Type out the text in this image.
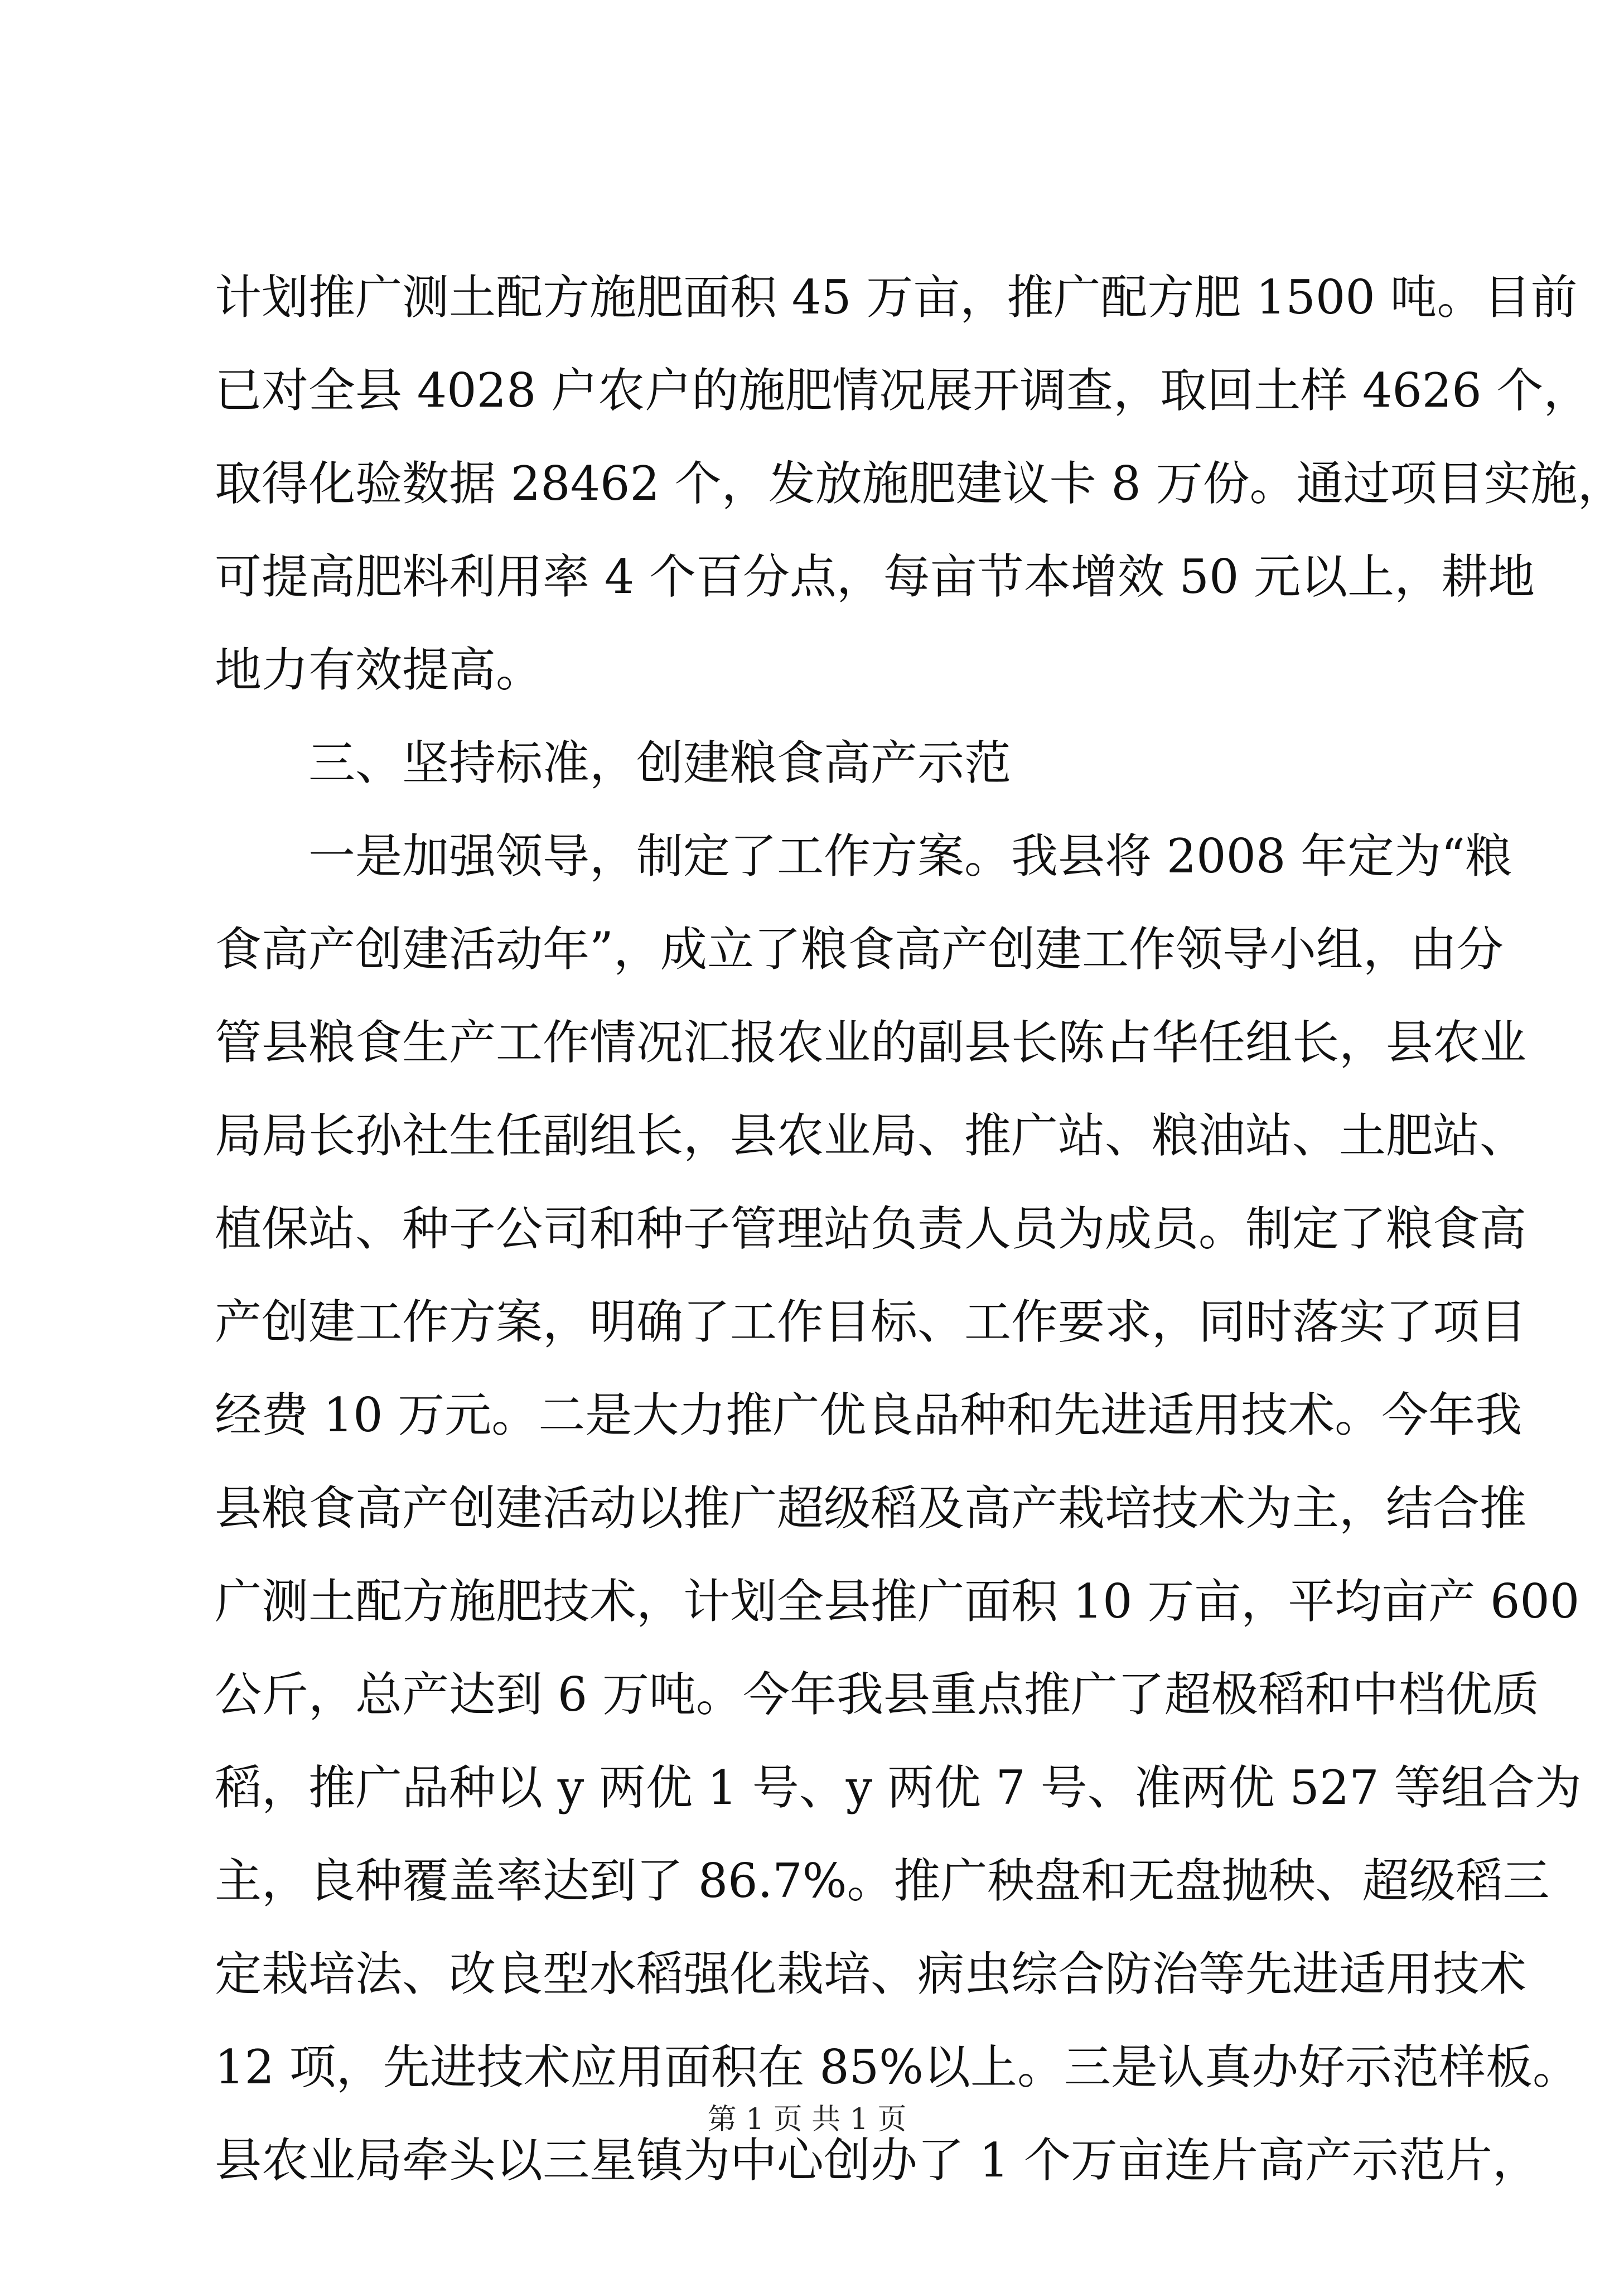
计划推广测土配方施肥面积 45 万亩，推广配方肥 1500 吨。目前
已对全县 4028 户农户的施肥情况展开调查，取回土样 4626 个，
取得化验数据 28462 个，发放施肥建议卡 8 万份。通过项目实施，
可提高肥料利用率 4 个百分点，每亩节本增效 50 元以上，耕地
地力有效提高。
三、坚持标准，创建粮食高产示范
一是加强领导，制定了工作方案。我县将 2008 年定为“粮
食高产创建活动年”，成立了粮食高产创建工作领导小组，由分
管县粮食生产工作情况汇报农业的副县长陈占华任组长，县农业
局局长孙社生任副组长，县农业局、推广站、粮油站、土肥站、
植保站、种子公司和种子管理站负责人员为成员。制定了粮食高
产创建工作方案，明确了工作目标、工作要求，同时落实了项目
经费 10 万元。二是大力推广优良品种和先进适用技术。今年我
县粮食高产创建活动以推广超级稻及高产栽培技术为主，结合推
广测土配方施肥技术，计划全县推广面积 10 万亩，平均亩产 600
公斤，总产达到 6 万吨。今年我县重点推广了超极稻和中档优质
稻，推广品种以 y 两优 1 号、y 两优 7 号、准两优 527 等组合为
主，良种覆盖率达到了 86.7%。推广秧盘和无盘抛秧、超级稻三
定栽培法、改良型水稻强化栽培、病虫综合防治等先进适用技术
12 项，先进技术应用面积在 85%以上。三是认真办好示范样板。
县农业局牵头以三星镇为中心创办了 1 个万亩连片高产示范片，
第 1 页 共 1 页
